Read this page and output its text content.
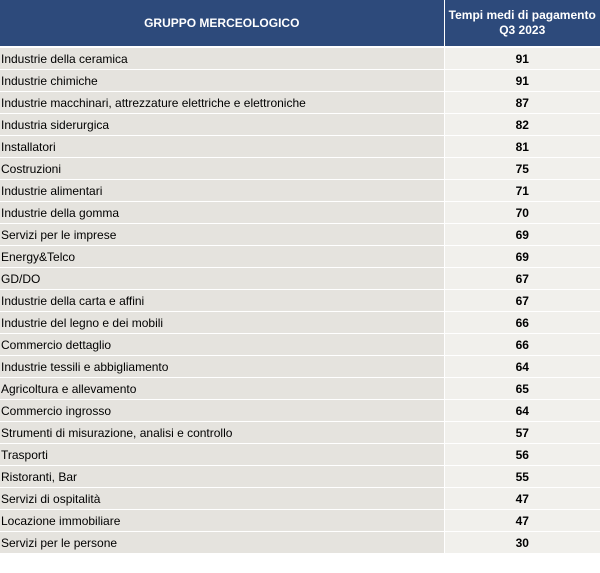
GRUPPO MERCEOLOGICO	Tempi medi di pagamento
Q3 2023

Industrie della ceramica	91
Industrie chimiche	91
Industrie macchinari, attrezzature elettriche e elettroniche	87
Industria siderurgica	82
Installatori	81
Costruzioni	75
Industrie alimentari	71
Industrie della gomma	70
Servizi per le imprese	69
Energy&Telco	69
GD/DO	67
Industrie della carta e affini	67
Industrie del legno e dei mobili	66
Commercio dettaglio	66
Industrie tessili e abbigliamento	64
Agricoltura e allevamento	65
Commercio ingrosso	64
Strumenti di misurazione, analisi e controllo	57
Trasporti	56
Ristoranti, Bar	55
Servizi di ospitalità	47
Locazione immobiliare	47
Servizi per le persone	30
